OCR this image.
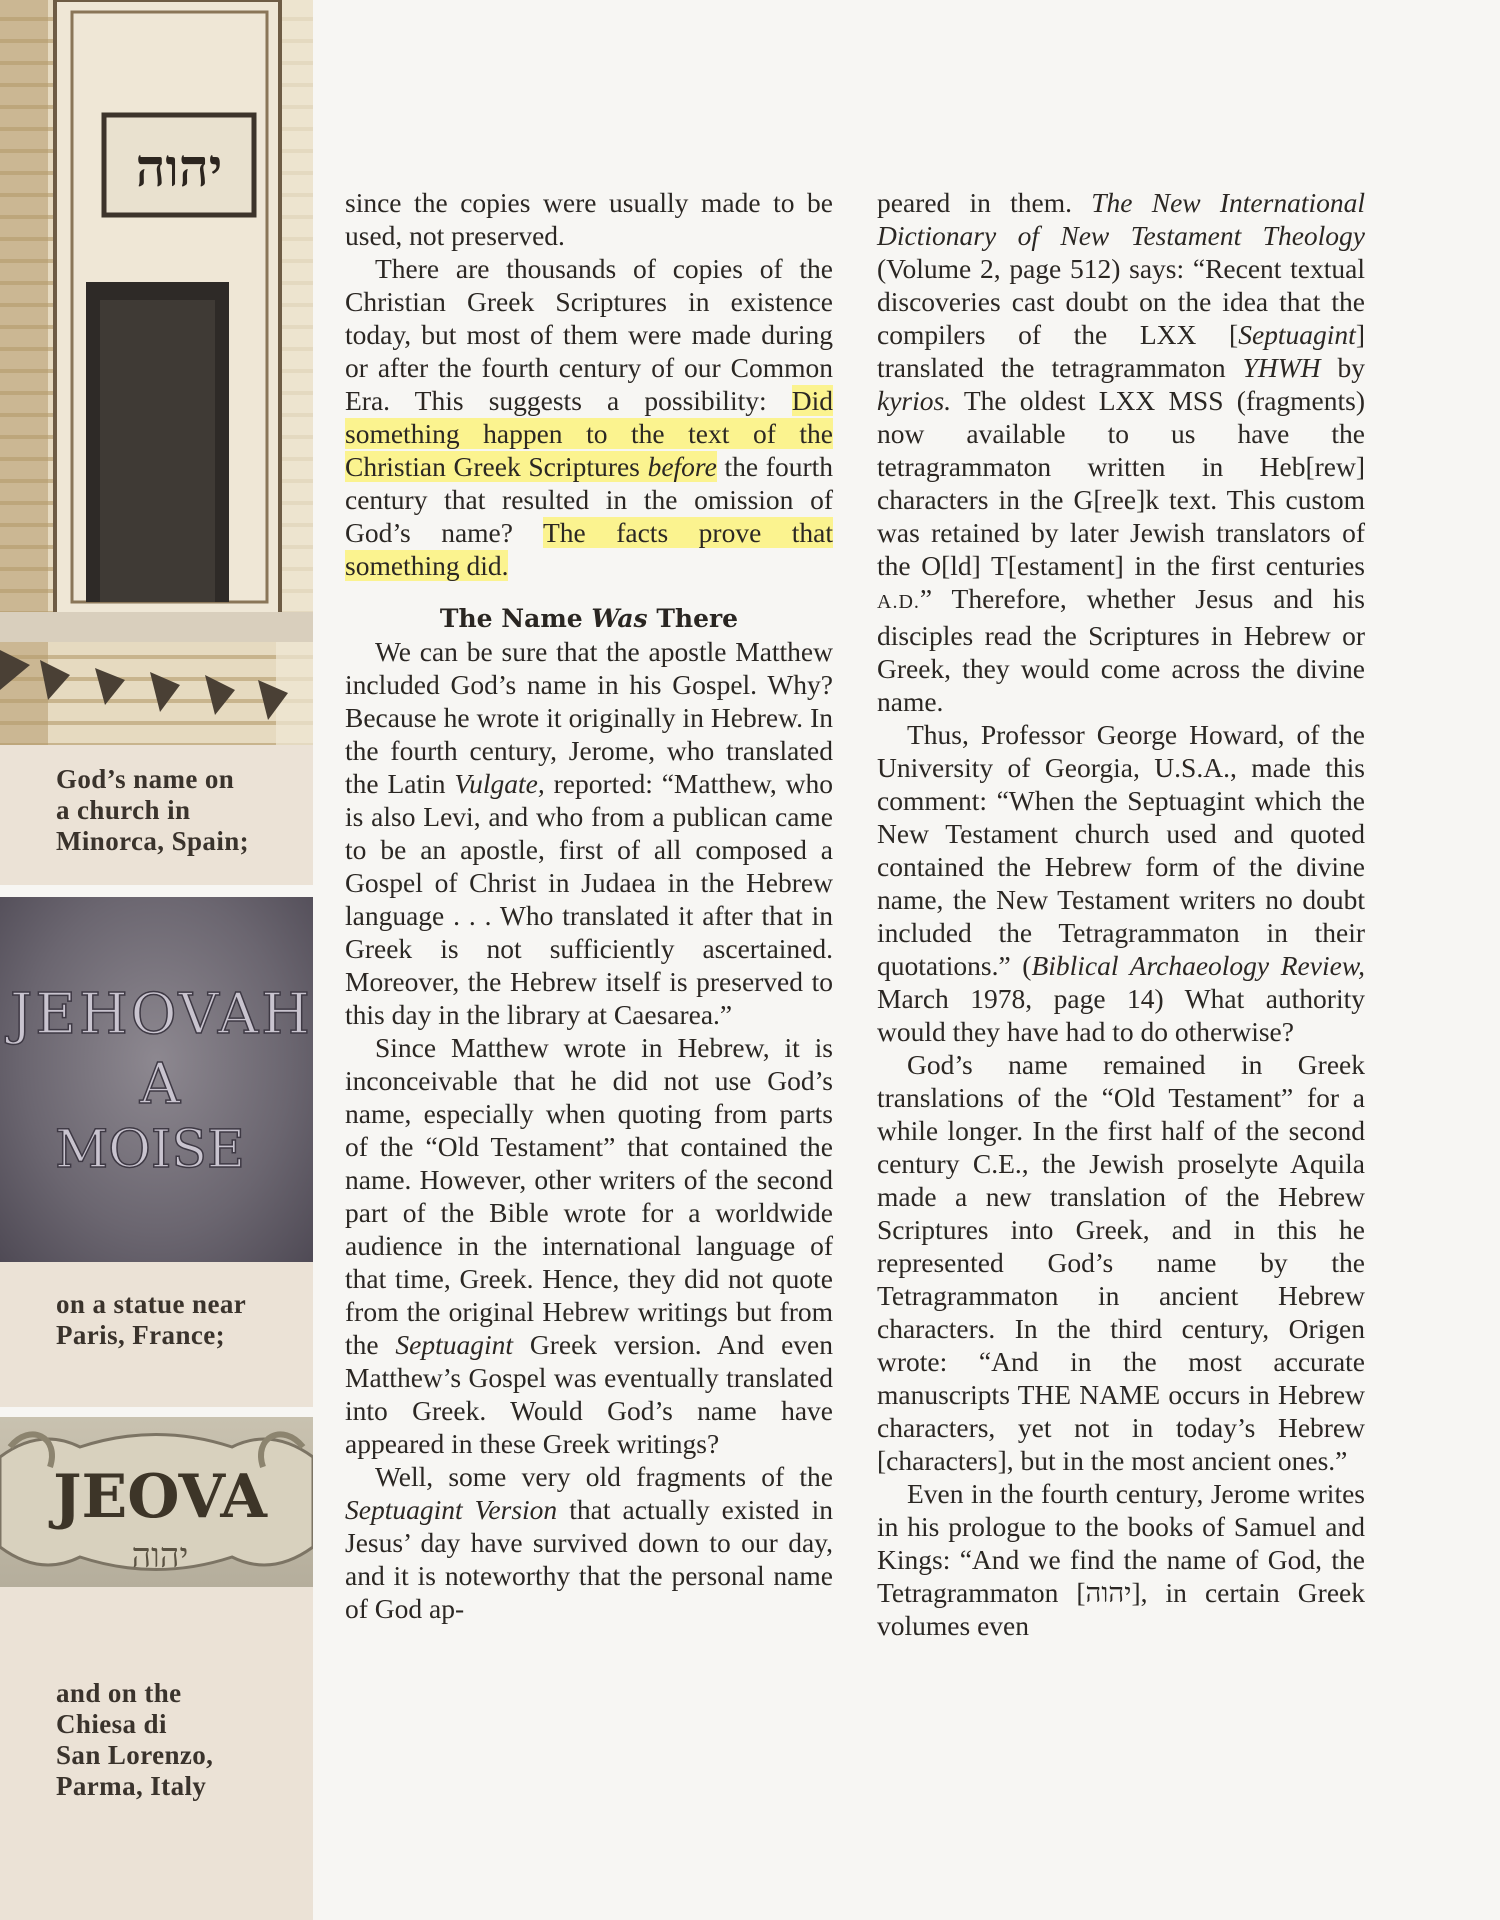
יהוה
God’s name on
a church in
Minorca, Spain;
JEHOVAH
A
MOISE
on a statue near
Paris, France;
JEOVA
יהוה
and on the
Chiesa di
San Lorenzo,
Parma, Italy

since the copies were usually made to be used, not preserved.

There are thousands of copies of the Christian Greek Scriptures in existence today, but most of them were made during or after the fourth century of our Common Era. This suggests a possibility: Did something happen to the text of the Christian Greek Scriptures before the fourth century that resulted in the omission of God’s name? The facts prove that something did.

The Name Was There

We can be sure that the apostle Matthew included God’s name in his Gospel. Why? Because he wrote it originally in Hebrew. In the fourth century, Jerome, who translated the Latin Vulgate, reported: “Matthew, who is also Levi, and who from a publican came to be an apostle, first of all composed a Gospel of Christ in Judaea in the Hebrew language . . . Who translated it after that in Greek is not sufficiently ascertained. Moreover, the Hebrew itself is preserved to this day in the library at Caesarea.”

Since Matthew wrote in Hebrew, it is inconceivable that he did not use God’s name, especially when quoting from parts of the “Old Testament” that contained the name. However, other writers of the second part of the Bible wrote for a worldwide audience in the international language of that time, Greek. Hence, they did not quote from the original Hebrew writings but from the Septuagint Greek version. And even Matthew’s Gospel was eventually translated into Greek. Would God’s name have appeared in these Greek writings?

Well, some very old fragments of the Septuagint Version that actually existed in Jesus’ day have survived down to our day, and it is noteworthy that the personal name of God ap-

peared in them. The New International Dictionary of New Testament Theology (Volume 2, page 512) says: “Recent textual discoveries cast doubt on the idea that the compilers of the LXX [Septuagint] translated the tetragrammaton YHWH by kyrios. The oldest LXX MSS (fragments) now available to us have the tetragrammaton written in Heb[rew] characters in the G[ree]k text. This custom was retained by later Jewish translators of the O[ld] T[estament] in the first centuries A.D.” Therefore, whether Jesus and his disciples read the Scriptures in Hebrew or Greek, they would come across the divine name.

Thus, Professor George Howard, of the University of Georgia, U.S.A., made this comment: “When the Septuagint which the New Testament church used and quoted contained the Hebrew form of the divine name, the New Testament writers no doubt included the Tetragrammaton in their quotations.” (Biblical Archaeology Review, March 1978, page 14) What authority would they have had to do otherwise?

God’s name remained in Greek translations of the “Old Testament” for a while longer. In the first half of the second century C.E., the Jewish proselyte Aquila made a new translation of the Hebrew Scriptures into Greek, and in this he represented God’s name by the Tetragrammaton in ancient Hebrew characters. In the third century, Origen wrote: “And in the most accurate manuscripts THE NAME occurs in Hebrew characters, yet not in today’s Hebrew [characters], but in the most ancient ones.”

Even in the fourth century, Jerome writes in his prologue to the books of Samuel and Kings: “And we find the name of God, the Tetragrammaton [יהוה], in certain Greek volumes even
